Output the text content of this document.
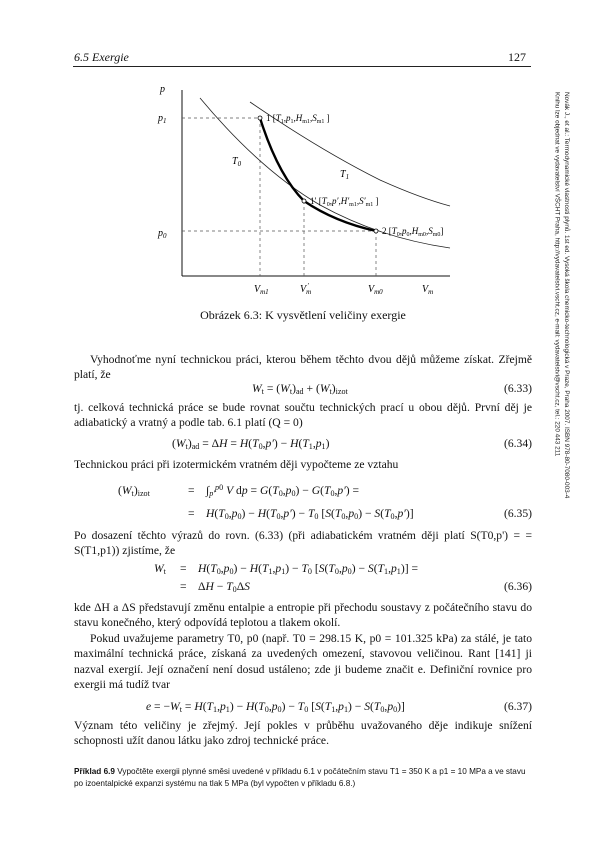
6.5 Exergie	127
Novák J., et al.: Termodynamické vlastnosti plynů. 1st ed. Vysoká škola chemicko-technologická v Praze, Praha 2007. ISBN 978-80-7080-003-4
Knihu lze objednat ve vydavatelství VŠCHT Praha, http://vydavatelstvi.vscht.cz, e-mail: vydavatelstvi@vscht.cz, tel.: 220 443 211
p
$p_1$
$p_0$
$V_{m1}$	$V_m'$	$V_{m0}$	$V_m$
$T_0$
$T_1$
1 [$T_1,p_1,H_{m1},S_{m1}$ ]
1′ [$T_0,p',H'_{m1},S'_{m1}$ ]
2 $[T_0,p_0,H_{m0},S_{m0}]$
Obrázek 6.3: K vysvětlení veličiny exergie
Vyhodnoťme nyní technickou práci, kterou během těchto dvou dějů můžeme získat. Zřejmě platí, že
$W_t = (W_t)_{ad} + (W_t)_{izot}$	(6.33)
tj. celková technická práce se bude rovnat součtu technických prací u obou dějů. První děj je adiabatický a vratný a podle tab. 6.1 platí (Q = 0)
$(W_t)_{ad} = \Delta H = H(T_0,p') - H(T_1,p_1)$	(6.34)
Technickou práci při izotermickém vratném ději vypočteme ze vztahu
$(W_t)_{izot}$	= $\int_{p'}^{p0}$ V dp = $G(T_0,p_0) - G(T_0,p')$ =
= $H(T_0,p_0) - H(T_0,p') - T_0$ $[S(T_0,p_0) - S(T_0,p')]$	(6.35)
Po dosazení těchto výrazů do rovn. (6.33) (při adiabatickém vratném ději platí S(T0,p') = = S(T1,p1)) zjistíme, že
$W_t = H(T_0,p_0) - H(T_1,p_1) - T_0$ $[S(T_0,p_0) - S(T_1,p_1)]$ =
= $\Delta H - T_0\Delta S$	(6.36)
kde ΔH a ΔS představují změnu entalpie a entropie při přechodu soustavy z počátečního stavu do stavu konečného, který odpovídá teplotou a tlakem okolí.
Pokud uvažujeme parametry T0, p0 (např. T0 = 298.15 K, p0 = 101.325 kPa) za stálé, je tato maximální technická práce, získaná za uvedených omezení, stavovou veličinou. Rant [141] ji nazval exergií. Její označení není dosud ustáleno; zde ji budeme značit e. Definiční rovnice pro exergii má tudíž tvar
$e = -W_t = H(T_1,p_1) - H(T_0,p_0) - T_0$ $[S(T_1,p_1) - S(T_0,p_0)]$	(6.37)
Význam této veličiny je zřejmý. Její pokles v průběhu uvažovaného děje indikuje snížení schopnosti užít danou látku jako zdroj technické práce.
Příklad 6.9 Vypočtěte exergii plynné směsi uvedené v příkladu 6.1 v počátečním stavu T1 = 350 K a p1 = 10 MPa a ve stavu po izoentalpické expanzi systému na tlak 5 MPa (byl vypočten v příkladu 6.8.)
